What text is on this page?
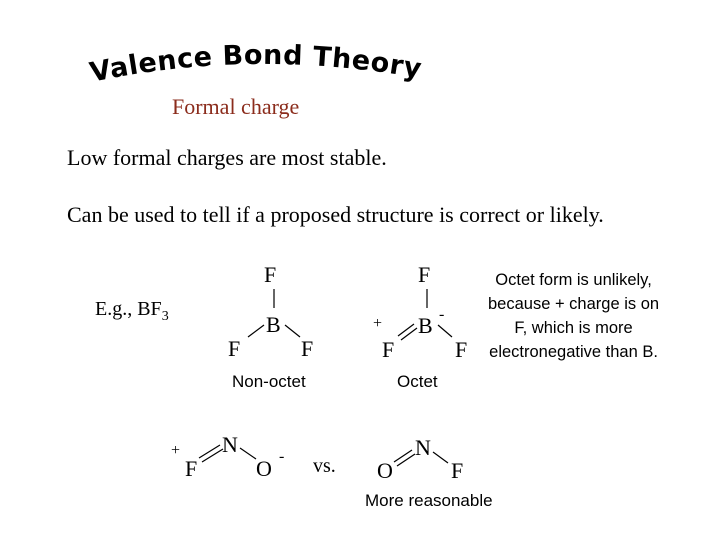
Valence Bond Theory
Formal charge
Low formal charges are most stable.
Can be used to tell if a proposed structure is correct or likely.
E.g., $BF_3$
F
B
F	F
Non-octet
F
B -
+
F	F
Octet
Octet form is unlikely,
because + charge is on
F, which is more
electronegative than B.
+
F
N
O - vs. O
N
F
More reasonable
